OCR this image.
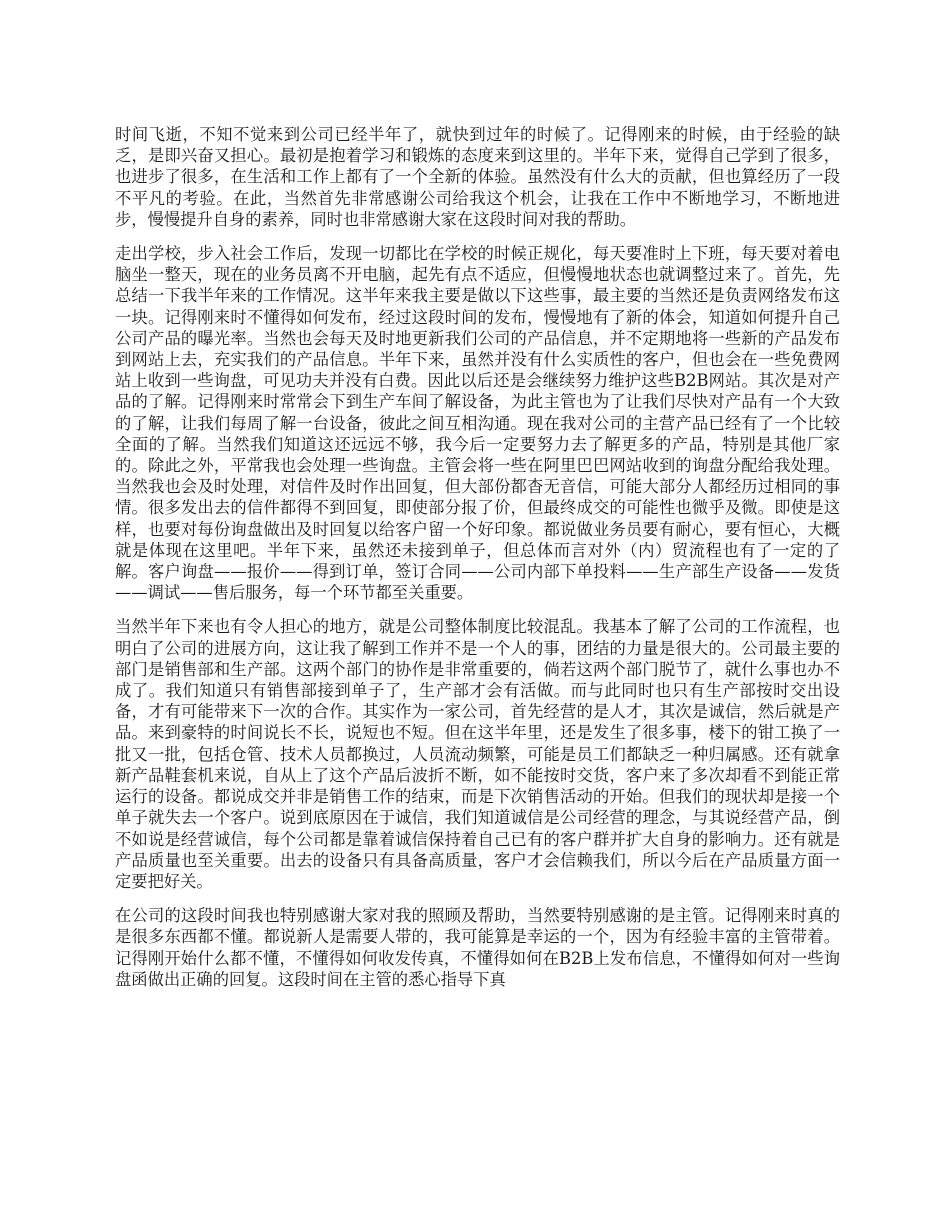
时间飞逝，不知不觉来到公司已经半年了，就快到过年的时候了。记得刚来的时候，由于经验的缺乏，是即兴奋又担心。最初是抱着学习和锻炼的态度来到这里的。半年下来，觉得自己学到了很多，也进步了很多，在生活和工作上都有了一个全新的体验。虽然没有什么大的贡献，但也算经历了一段不平凡的考验。在此，当然首先非常感谢公司给我这个机会，让我在工作中不断地学习，不断地进步，慢慢提升自身的素养，同时也非常感谢大家在这段时间对我的帮助。

走出学校，步入社会工作后，发现一切都比在学校的时候正规化，每天要准时上下班，每天要对着电脑坐一整天，现在的业务员离不开电脑，起先有点不适应，但慢慢地状态也就调整过来了。首先，先总结一下我半年来的工作情况。这半年来我主要是做以下这些事，最主要的当然还是负责网络发布这一块。记得刚来时不懂得如何发布，经过这段时间的发布，慢慢地有了新的体会，知道如何提升自己公司产品的曝光率。当然也会每天及时地更新我们公司的产品信息，并不定期地将一些新的产品发布到网站上去，充实我们的产品信息。半年下来，虽然并没有什么实质性的客户，但也会在一些免费网站上收到一些询盘，可见功夫并没有白费。因此以后还是会继续努力维护这些B2B网站。其次是对产品的了解。记得刚来时常常会下到生产车间了解设备，为此主管也为了让我们尽快对产品有一个大致的了解，让我们每周了解一台设备，彼此之间互相沟通。现在我对公司的主营产品已经有了一个比较全面的了解。当然我们知道这还远远不够，我今后一定要努力去了解更多的产品，特别是其他厂家的。除此之外，平常我也会处理一些询盘。主管会将一些在阿里巴巴网站收到的询盘分配给我处理。当然我也会及时处理，对信件及时作出回复，但大部份都杳无音信，可能大部分人都经历过相同的事情。很多发出去的信件都得不到回复，即使部分报了价，但最终成交的可能性也微乎及微。即使是这样，也要对每份询盘做出及时回复以给客户留一个好印象。都说做业务员要有耐心，要有恒心，大概就是体现在这里吧。半年下来，虽然还未接到单子，但总体而言对外（内）贸流程也有了一定的了解。客户询盘——报价——得到订单，签订合同——公司内部下单投料——生产部生产设备——发货——调试——售后服务，每一个环节都至关重要。

当然半年下来也有令人担心的地方，就是公司整体制度比较混乱。我基本了解了公司的工作流程，也明白了公司的进展方向，这让我了解到工作并不是一个人的事，团结的力量是很大的。公司最主要的部门是销售部和生产部。这两个部门的协作是非常重要的，倘若这两个部门脱节了，就什么事也办不成了。我们知道只有销售部接到单子了，生产部才会有活做。而与此同时也只有生产部按时交出设备，才有可能带来下一次的合作。其实作为一家公司，首先经营的是人才，其次是诚信，然后就是产品。来到豪特的时间说长不长，说短也不短。但在这半年里，还是发生了很多事，楼下的钳工换了一批又一批，包括仓管、技术人员都换过，人员流动频繁，可能是员工们都缺乏一种归属感。还有就拿新产品鞋套机来说，自从上了这个产品后波折不断，如不能按时交货，客户来了多次却看不到能正常运行的设备。都说成交并非是销售工作的结束，而是下次销售活动的开始。但我们的现状却是接一个单子就失去一个客户。说到底原因在于诚信，我们知道诚信是公司经营的理念，与其说经营产品，倒不如说是经营诚信，每个公司都是靠着诚信保持着自己已有的客户群并扩大自身的影响力。还有就是产品质量也至关重要。出去的设备只有具备高质量，客户才会信赖我们，所以今后在产品质量方面一定要把好关。

在公司的这段时间我也特别感谢大家对我的照顾及帮助，当然要特别感谢的是主管。记得刚来时真的是很多东西都不懂。都说新人是需要人带的，我可能算是幸运的一个，因为有经验丰富的主管带着。记得刚开始什么都不懂，不懂得如何收发传真，不懂得如何在B2B上发布信息，不懂得如何对一些询盘函做出正确的回复。这段时间在主管的悉心指导下真
